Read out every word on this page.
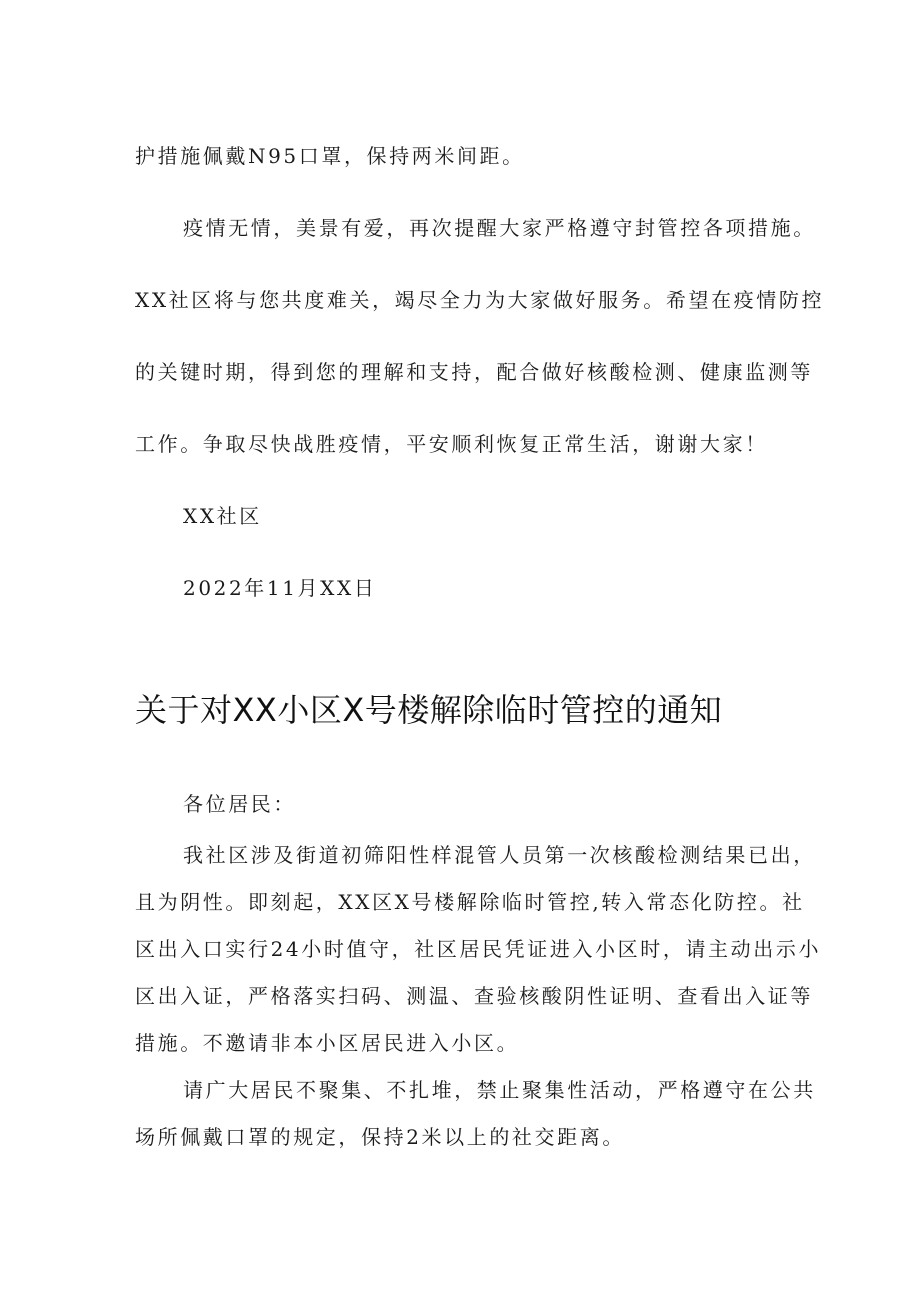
护措施佩戴N95口罩，保持两米间距。
疫情无情，美景有爱，再次提醒大家严格遵守封管控各项措施。
XX社区将与您共度难关，竭尽全力为大家做好服务。希望在疫情防控
的关键时期，得到您的理解和支持，配合做好核酸检测、健康监测等
工作。争取尽快战胜疫情，平安顺利恢复正常生活，谢谢大家！
XX社区
2022年11月XX日
关于对XX小区X号楼解除临时管控的通知
各位居民：
我社区涉及街道初筛阳性样混管人员第一次核酸检测结果已出，
且为阴性。即刻起，XX区X号楼解除临时管控,转入常态化防控。社
区出入口实行24小时值守，社区居民凭证进入小区时，请主动出示小
区出入证，严格落实扫码、测温、查验核酸阴性证明、查看出入证等
措施。不邀请非本小区居民进入小区。
请广大居民不聚集、不扎堆，禁止聚集性活动，严格遵守在公共
场所佩戴口罩的规定，保持2米以上的社交距离。
